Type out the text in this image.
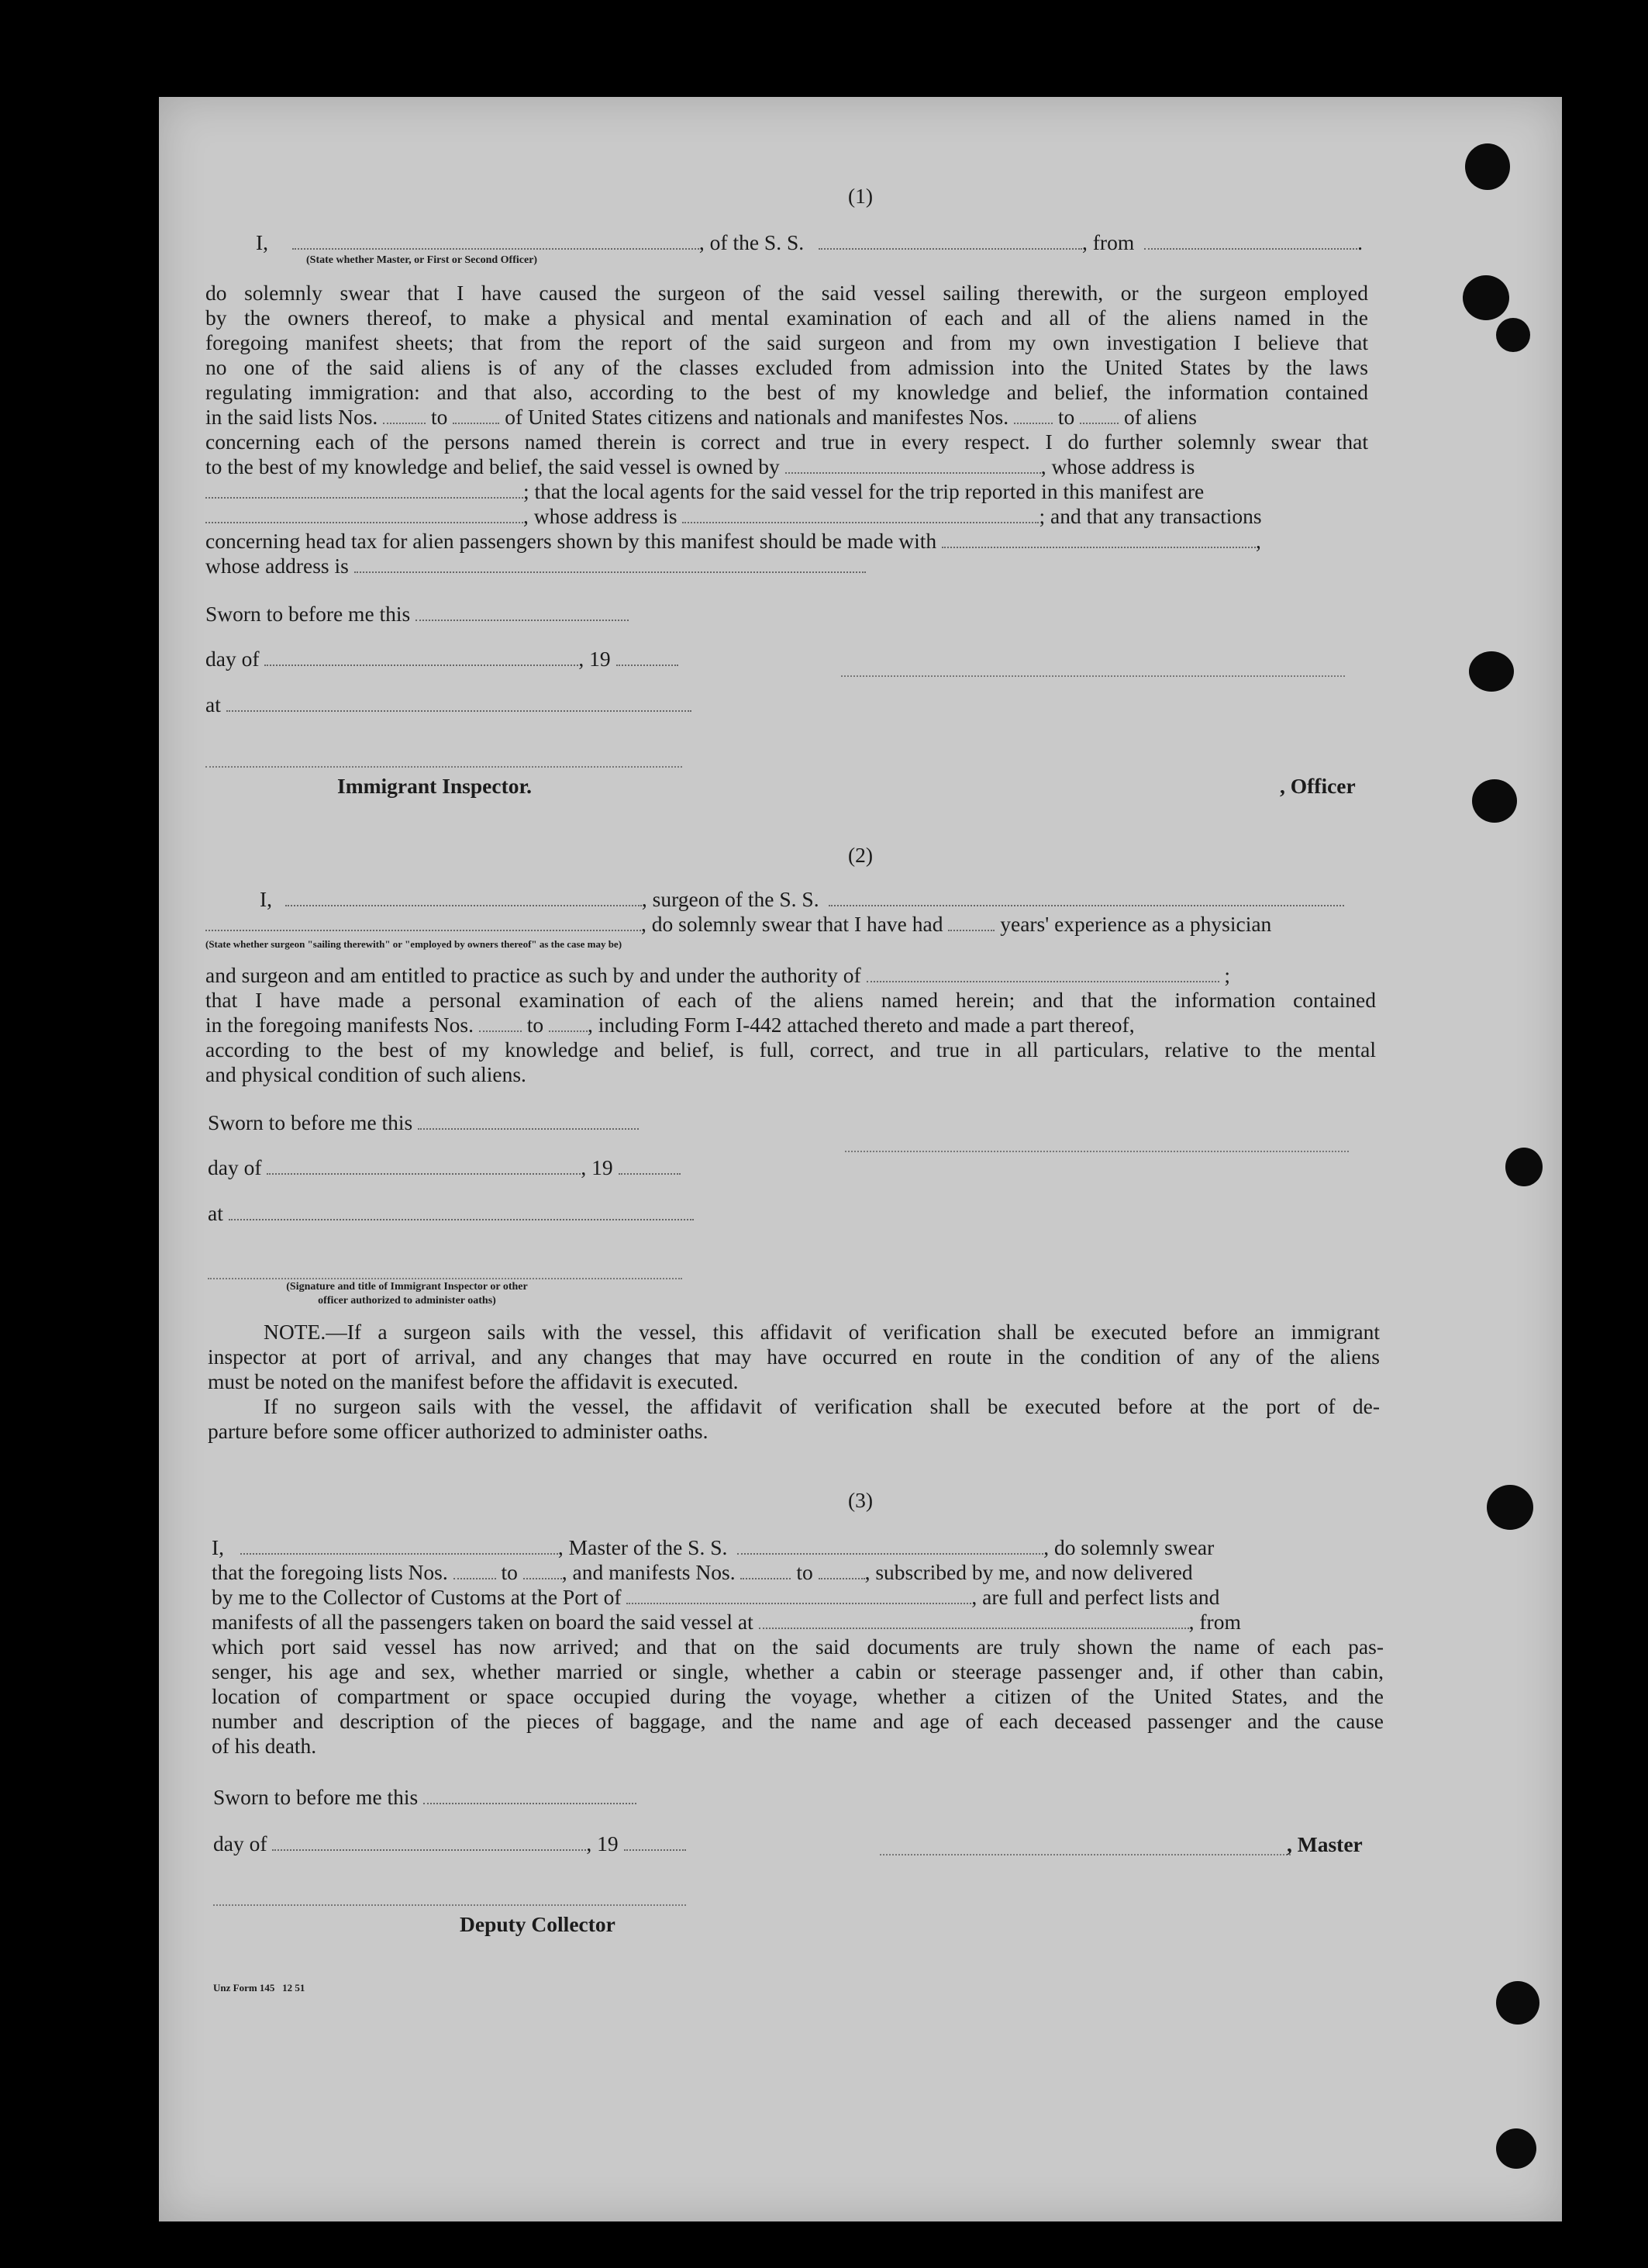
(1)
I,	, of the S. S.	, from	.
(State whether Master, or First or Second Officer)
do solemnly swear that I have caused the surgeon of the said vessel sailing therewith, or the surgeon employed
by the owners thereof, to make a physical and mental examination of each and all of the aliens named in the
foregoing manifest sheets; that from the report of the said surgeon and from my own investigation I believe that
no one of the said aliens is of any of the classes excluded from admission into the United States by the laws
regulating immigration: and that also, according to the best of my knowledge and belief, the information contained
in the said lists Nos.	to	of United States citizens and nationals and manifestes Nos. to of aliens
concerning each of the persons named therein is correct and true in every respect. I do further solemnly swear that
to the best of my knowledge and belief, the said vessel is owned by	, whose address is
; that the local agents for the said vessel for the trip reported in this manifest are
, whose address is	; and that any transactions
concerning head tax for alien passengers shown by this manifest should be made with	,
whose address is
Sworn to before me this
day of	, 19
at
Immigrant Inspector.	, Officer
(2)
I,	, surgeon of the S. S.
, do solemnly swear that I have had	years' experience as a physician
(State whether surgeon "sailing therewith" or "employed by owners thereof" as the case may be)
and surgeon and am entitled to practice as such by and under the authority of	;
that I have made a personal examination of each of the aliens named herein; and that the information contained
in the foregoing manifests Nos.	to , including Form I-442 attached thereto and made a part thereof,
according to the best of my knowledge and belief, is full, correct, and true in all particulars, relative to the mental
and physical condition of such aliens.
Sworn to before me this
day of	, 19
at
(Signature and title of Immigrant Inspector or other
officer authorized to administer oaths)
NOTE.—If a surgeon sails with the vessel, this affidavit of verification shall be executed before an immigrant
inspector at port of arrival, and any changes that may have occurred en route in the condition of any of the aliens
must be noted on the manifest before the affidavit is executed.
If no surgeon sails with the vessel, the affidavit of verification shall be executed before at the port of de-
parture before some officer authorized to administer oaths.
(3)
I,	, Master of the S. S.	, do solemnly swear
that the foregoing lists Nos.	to , and manifests Nos.	to , subscribed by me, and now delivered
by me to the Collector of Customs at the Port of	, are full and perfect lists and
manifests of all the passengers taken on board the said vessel at	, from
which port said vessel has now arrived; and that on the said documents are truly shown the name of each pas-
senger, his age and sex, whether married or single, whether a cabin or steerage passenger and, if other than cabin,
location of compartment or space occupied during the voyage, whether a citizen of the United States, and the
number and description of the pieces of baggage, and the name and age of each deceased passenger and the cause
of his death.
Sworn to before me this
day of	, 19	, Master
Deputy Collector
Unz Form 145   12 51
